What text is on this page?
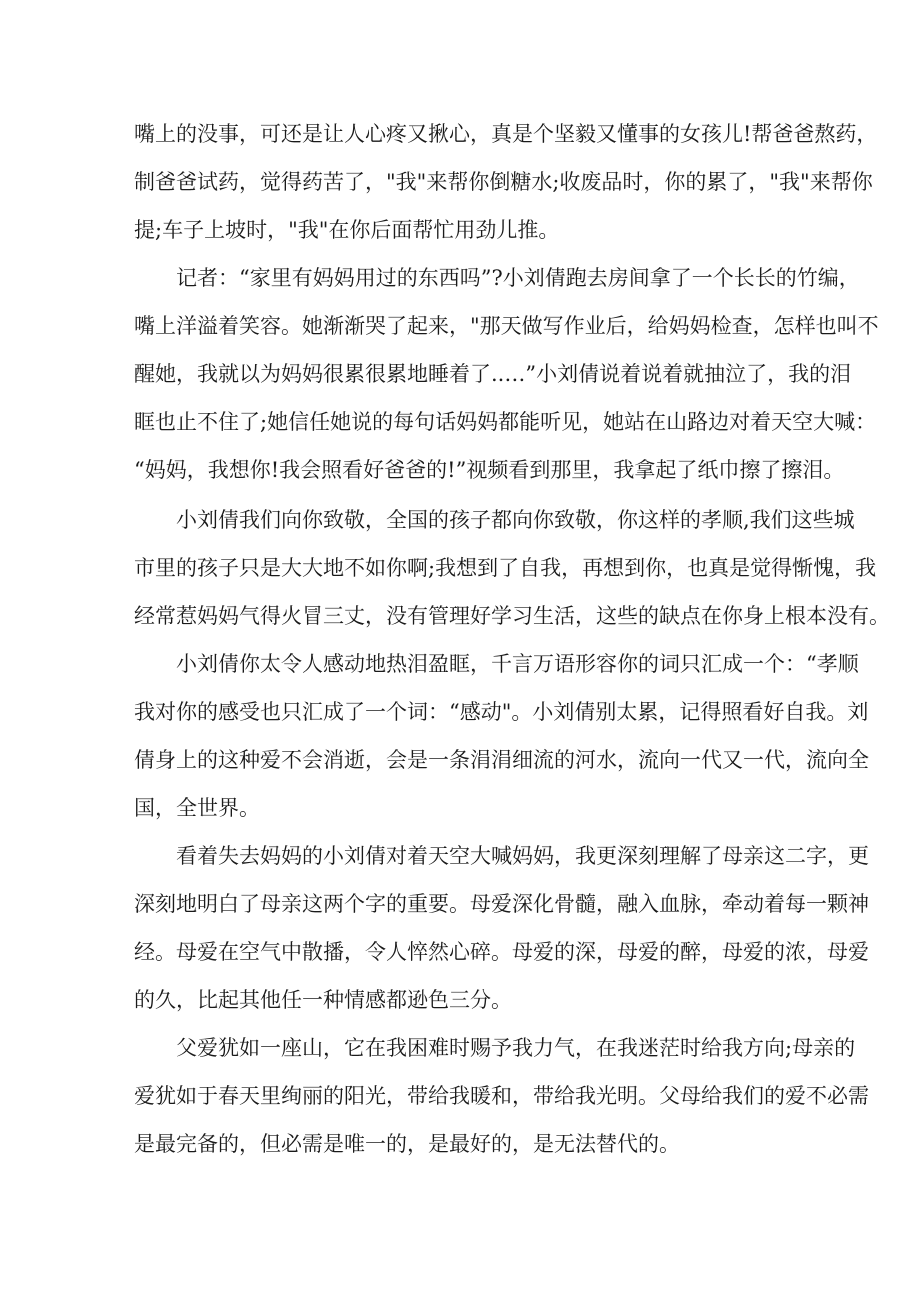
嘴上的没事，可还是让人心疼又揪心，真是个坚毅又懂事的女孩儿!帮爸爸熬药，
制爸爸试药，觉得药苦了，"我"来帮你倒糖水;收废品时，你的累了，"我"来帮你
提;车子上坡时，"我"在你后面帮忙用劲儿推。
记者：“家里有妈妈用过的东西吗”?小刘倩跑去房间拿了一个长长的竹编，
嘴上洋溢着笑容。她渐渐哭了起来，"那天做写作业后，给妈妈检查，怎样也叫不
醒她，我就以为妈妈很累很累地睡着了..…”小刘倩说着说着就抽泣了，我的泪
眶也止不住了;她信任她说的每句话妈妈都能听见，她站在山路边对着天空大喊：
“妈妈，我想你!我会照看好爸爸的!”视频看到那里，我拿起了纸巾擦了擦泪。
小刘倩我们向你致敬，全国的孩子都向你致敬，你这样的孝顺,我们这些城
市里的孩子只是大大地不如你啊;我想到了自我，再想到你，也真是觉得惭愧，我
经常惹妈妈气得火冒三丈，没有管理好学习生活，这些的缺点在你身上根本没有。
小刘倩你太令人感动地热泪盈眶，千言万语形容你的词只汇成一个：“孝顺
我对你的感受也只汇成了一个词：“感动"。小刘倩别太累，记得照看好自我。刘
倩身上的这种爱不会消逝，会是一条涓涓细流的河水，流向一代又一代，流向全
国，全世界。
看着失去妈妈的小刘倩对着天空大喊妈妈，我更深刻理解了母亲这二字，更
深刻地明白了母亲这两个字的重要。母爱深化骨髓，融入血脉，牵动着每一颗神
经。母爱在空气中散播，令人悴然心碎。母爱的深，母爱的醉，母爱的浓，母爱
的久，比起其他任一种情感都逊色三分。
父爱犹如一座山，它在我困难时赐予我力气，在我迷茫时给我方向;母亲的
爱犹如于春天里绚丽的阳光，带给我暖和，带给我光明。父母给我们的爱不必需
是最完备的，但必需是唯一的，是最好的，是无法替代的。
